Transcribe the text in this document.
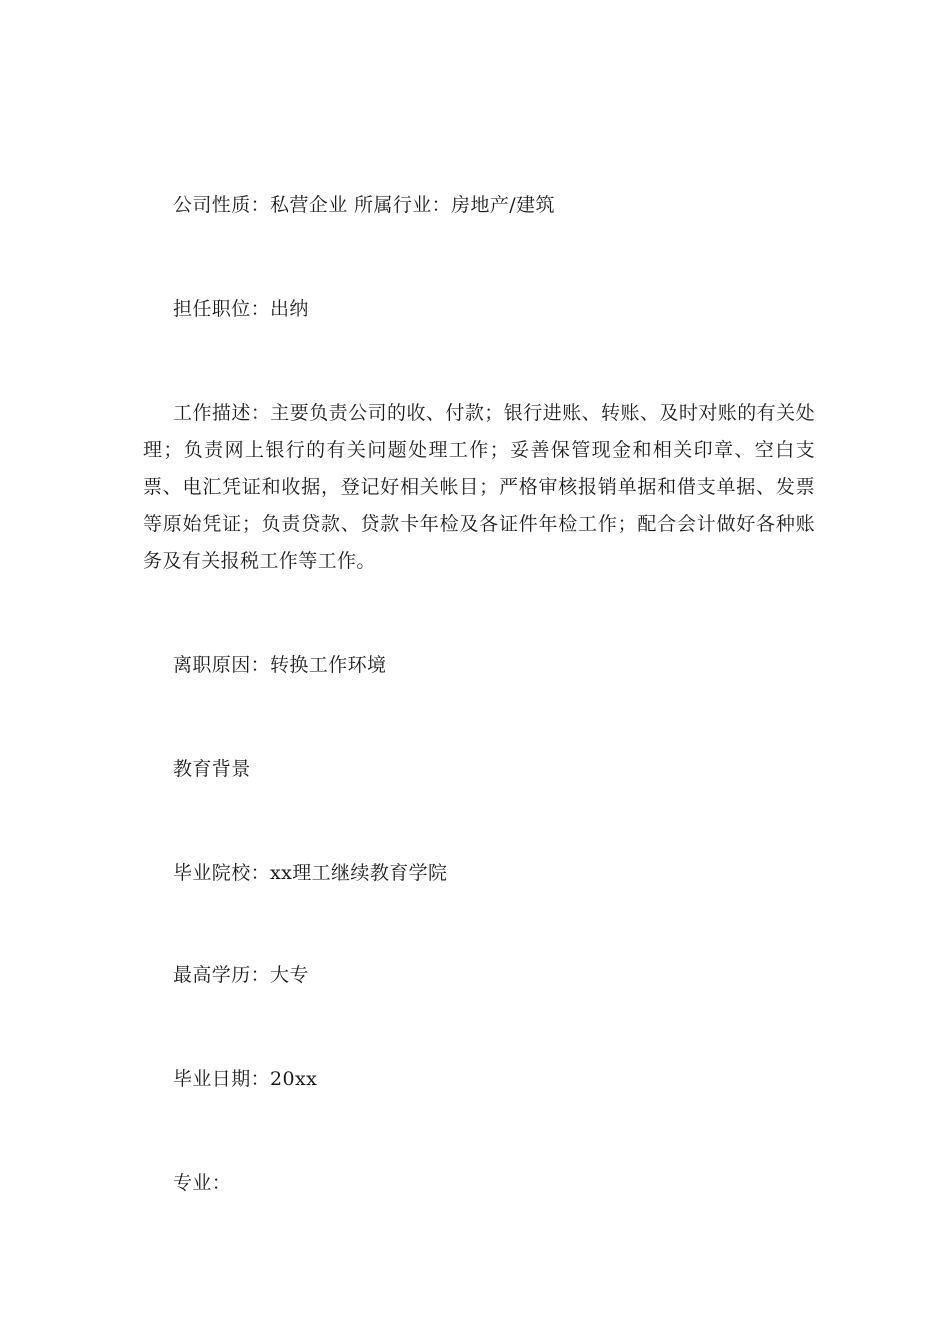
公司性质：私营企业 所属行业：房地产/建筑

担任职位：出纳

工作描述：主要负责公司的收、付款；银行进账、转账、及时对账的有关处理；负责网上银行的有关问题处理工作；妥善保管现金和相关印章、空白支票、电汇凭证和收据，登记好相关帐目；严格审核报销单据和借支单据、发票等原始凭证；负责贷款、贷款卡年检及各证件年检工作；配合会计做好各种账务及有关报税工作等工作。

离职原因：转换工作环境

教育背景

毕业院校：xx理工继续教育学院

最高学历：大专

毕业日期：20xx

专业：
